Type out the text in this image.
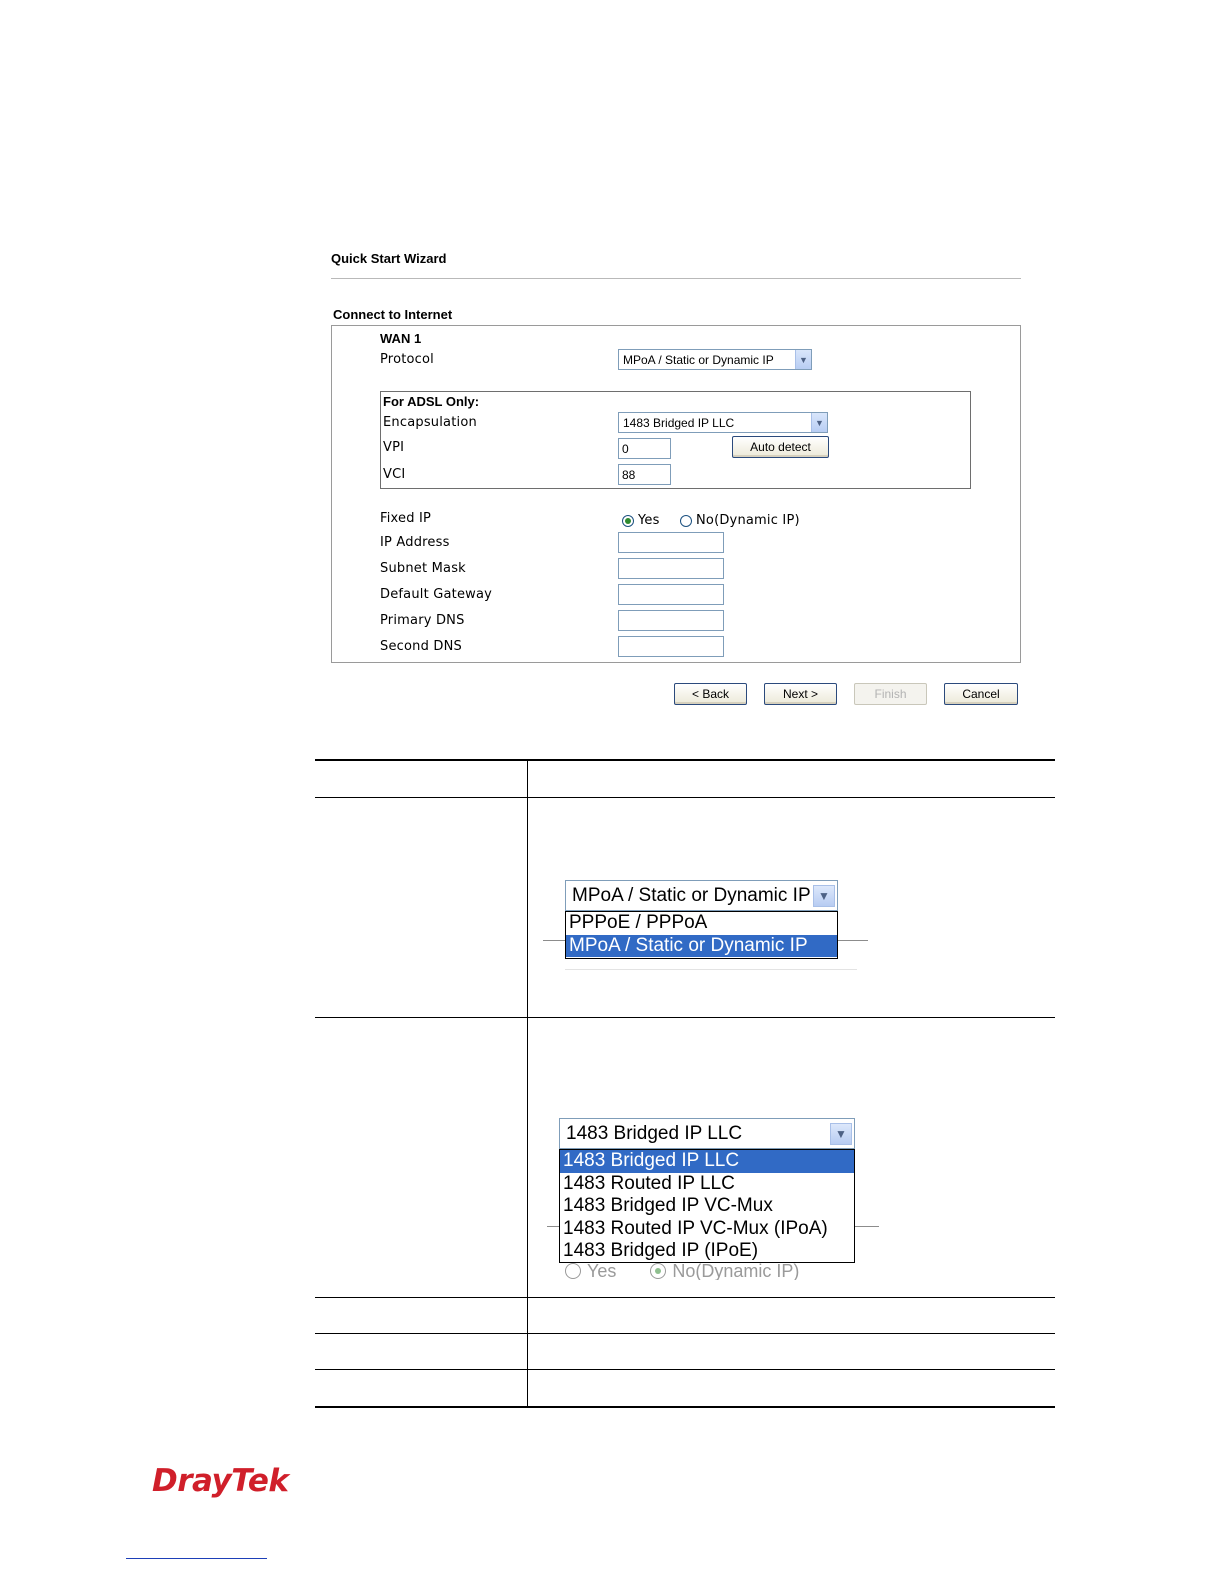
Quick Start Wizard
Connect to Internet
WAN 1
Protocol	MPoA / Static or Dynamic IP	▼
For ADSL Only:
Encapsulation	1483 Bridged IP LLC	▼
VPI	0	Auto detect
VCI	88
Fixed IP	Yes	No(Dynamic IP)
IP Address
Subnet Mask
Default Gateway
Primary DNS
Second DNS
< Back	Next >	Finish	Cancel
MPoA / Static or Dynamic IP ▼
PPPoE / PPPoA
MPoA / Static or Dynamic IP
1483 Bridged IP LLC	▼
1483 Bridged IP LLC
1483 Routed IP LLC
1483 Bridged IP VC-Mux
1483 Routed IP VC-Mux (IPoA)
1483 Bridged IP (IPoE)
Yes	No(Dynamic IP)
DrayTek
